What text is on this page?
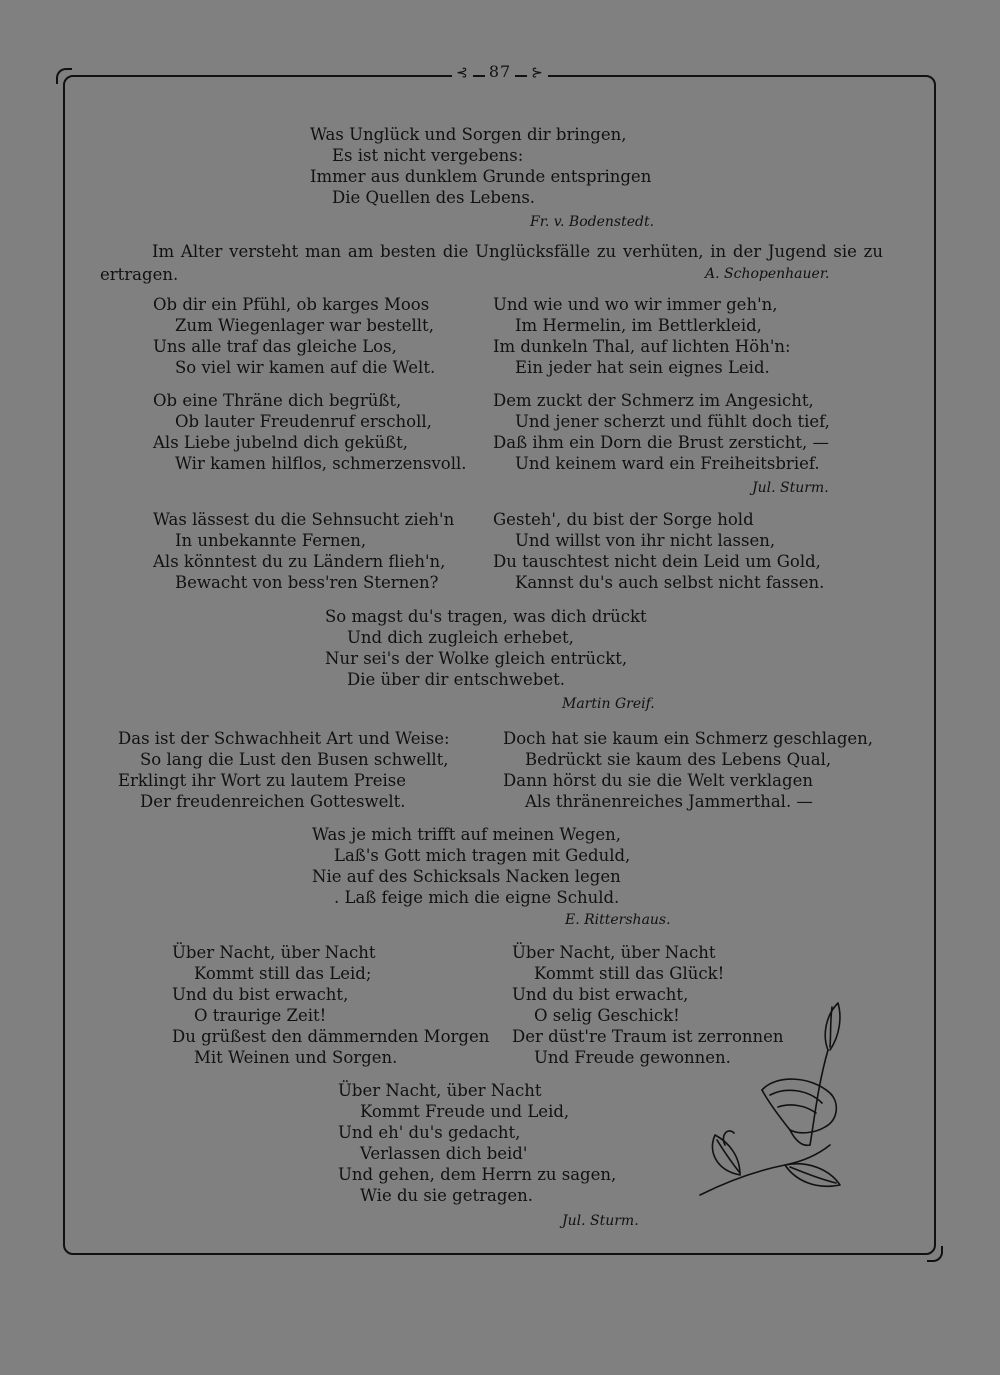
⊰ 87 ⊱
Was Unglück und Sorgen dir bringen,
Es ist nicht vergebens:
Immer aus dunklem Grunde entspringen
Die Quellen des Lebens.
Fr. v. Bodenstedt.
Im Alter versteht man am besten die Unglücksfälle zu verhüten, in der Jugend sie zu
ertragen.	A. Schopenhauer.
Ob dir ein Pfühl, ob karges Moos
Zum Wiegenlager war bestellt,
Uns alle traf das gleiche Los,
So viel wir kamen auf die Welt.
Und wie und wo wir immer geh'n,
Im Hermelin, im Bettlerkleid,
Im dunkeln Thal, auf lichten Höh'n:
Ein jeder hat sein eignes Leid.
Ob eine Thräne dich begrüßt,
Ob lauter Freudenruf erscholl,
Als Liebe jubelnd dich geküßt,
Wir kamen hilflos, schmerzensvoll.
Dem zuckt der Schmerz im Angesicht,
Und jener scherzt und fühlt doch tief,
Daß ihm ein Dorn die Brust zersticht, —
Und keinem ward ein Freiheitsbrief.
Jul. Sturm.
Was lässest du die Sehnsucht zieh'n
In unbekannte Fernen,
Als könntest du zu Ländern flieh'n,
Bewacht von bess'ren Sternen?
Gesteh', du bist der Sorge hold
Und willst von ihr nicht lassen,
Du tauschtest nicht dein Leid um Gold,
Kannst du's auch selbst nicht fassen.
So magst du's tragen, was dich drückt
Und dich zugleich erhebet,
Nur sei's der Wolke gleich entrückt,
Die über dir entschwebet.
Martin Greif.
Das ist der Schwachheit Art und Weise:
So lang die Lust den Busen schwellt,
Erklingt ihr Wort zu lautem Preise
Der freudenreichen Gotteswelt.
Doch hat sie kaum ein Schmerz geschlagen,
Bedrückt sie kaum des Lebens Qual,
Dann hörst du sie die Welt verklagen
Als thränenreiches Jammerthal. —
Was je mich trifft auf meinen Wegen,
Laß's Gott mich tragen mit Geduld,
Nie auf des Schicksals Nacken legen
. Laß feige mich die eigne Schuld.
E. Rittershaus.
Über Nacht, über Nacht
Kommt still das Leid;
Und du bist erwacht,
O traurige Zeit!
Du grüßest den dämmernden Morgen
Mit Weinen und Sorgen.
Über Nacht, über Nacht
Kommt still das Glück!
Und du bist erwacht,
O selig Geschick!
Der düst're Traum ist zerronnen
Und Freude gewonnen.
Über Nacht, über Nacht
Kommt Freude und Leid,
Und eh' du's gedacht,
Verlassen dich beid'
Und gehen, dem Herrn zu sagen,
Wie du sie getragen.
Jul. Sturm.
